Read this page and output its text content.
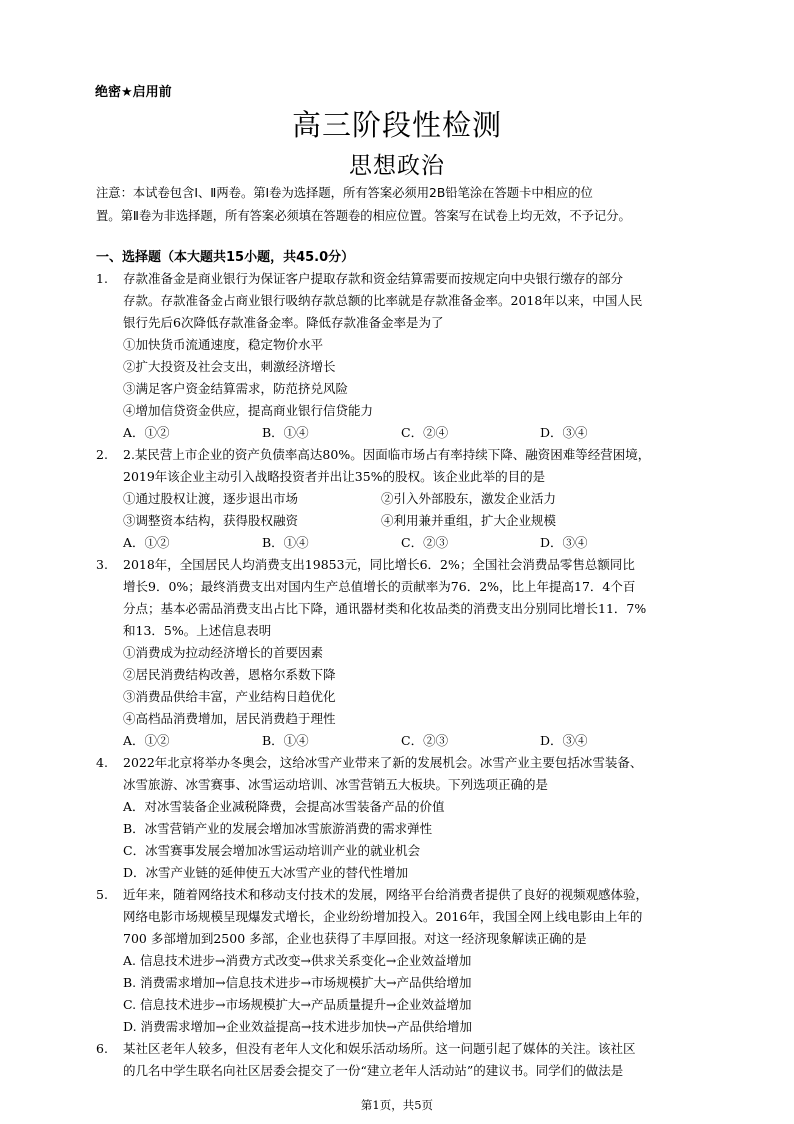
绝密★启用前
高三阶段性检测
思想政治
注意：本试卷包含Ⅰ、Ⅱ两卷。第Ⅰ卷为选择题，所有答案必须用2B铅笔涂在答题卡中相应的位
置。第Ⅱ卷为非选择题，所有答案必须填在答题卷的相应位置。答案写在试卷上均无效，不予记分。
一、选择题（本大题共15小题，共45.0分）
1. 存款准备金是商业银行为保证客户提取存款和资金结算需要而按规定向中央银行缴存的部分
存款。存款准备金占商业银行吸纳存款总额的比率就是存款准备金率。2018年以来，中国人民
银行先后6次降低存款准备金率。降低存款准备金率是为了
①加快货币流通速度，稳定物价水平
②扩大投资及社会支出，刺激经济增长
③满足客户资金结算需求，防范挤兑风险
④增加信贷资金供应，提高商业银行信贷能力
A．①②	B．①④	C．②④	D．③④
2. 2.某民营上市企业的资产负债率高达80%。因面临市场占有率持续下降、融资困难等经营困境，
2019年该企业主动引入战略投资者并出让35%的股权。该企业此举的目的是
①通过股权让渡，逐步退出市场	②引入外部股东，激发企业活力
③调整资本结构，获得股权融资	④利用兼并重组，扩大企业规模
A．①②	B．①④	C．②③	D．③④
3. 2018年，全国居民人均消费支出19853元，同比增长6．2%；全国社会消费品零售总额同比
增长9．0%；最终消费支出对国内生产总值增长的贡献率为76．2%，比上年提高17．4个百
分点；基本必需品消费支出占比下降，通讯器材类和化妆品类的消费支出分别同比增长11．7%
和13．5%。上述信息表明
①消费成为拉动经济增长的首要因素
②居民消费结构改善，恩格尔系数下降
③消费品供给丰富，产业结构日趋优化
④高档品消费增加，居民消费趋于理性
A．①②	B．①④	C．②③	D．③④
4. 2022年北京将举办冬奥会，这给冰雪产业带来了新的发展机会。冰雪产业主要包括冰雪装备、
冰雪旅游、冰雪赛事、冰雪运动培训、冰雪营销五大板块。下列选项正确的是
A．对冰雪装备企业减税降费，会提高冰雪装备产品的价值
B．冰雪营销产业的发展会增加冰雪旅游消费的需求弹性
C．冰雪赛事发展会增加冰雪运动培训产业的就业机会
D．冰雪产业链的延伸使五大冰雪产业的替代性增加
5. 近年来，随着网络技术和移动支付技术的发展，网络平台给消费者提供了良好的视频观感体验，
网络电影市场规模呈现爆发式增长，企业纷纷增加投入。2016年，我国全网上线电影由上年的
700 多部增加到2500 多部，企业也获得了丰厚回报。对这一经济现象解读正确的是
A. 信息技术进步→消费方式改变→供求关系变化→企业效益增加
B. 消费需求增加→信息技术进步→市场规模扩大→产品供给增加
C. 信息技术进步→市场规模扩大→产品质量提升→企业效益增加
D. 消费需求增加→企业效益提高→技术进步加快→产品供给增加
6. 某社区老年人较多，但没有老年人文化和娱乐活动场所。这一问题引起了媒体的关注。该社区
的几名中学生联名向社区居委会提交了一份“建立老年人活动站”的建议书。同学们的做法是
第1页，共5页
